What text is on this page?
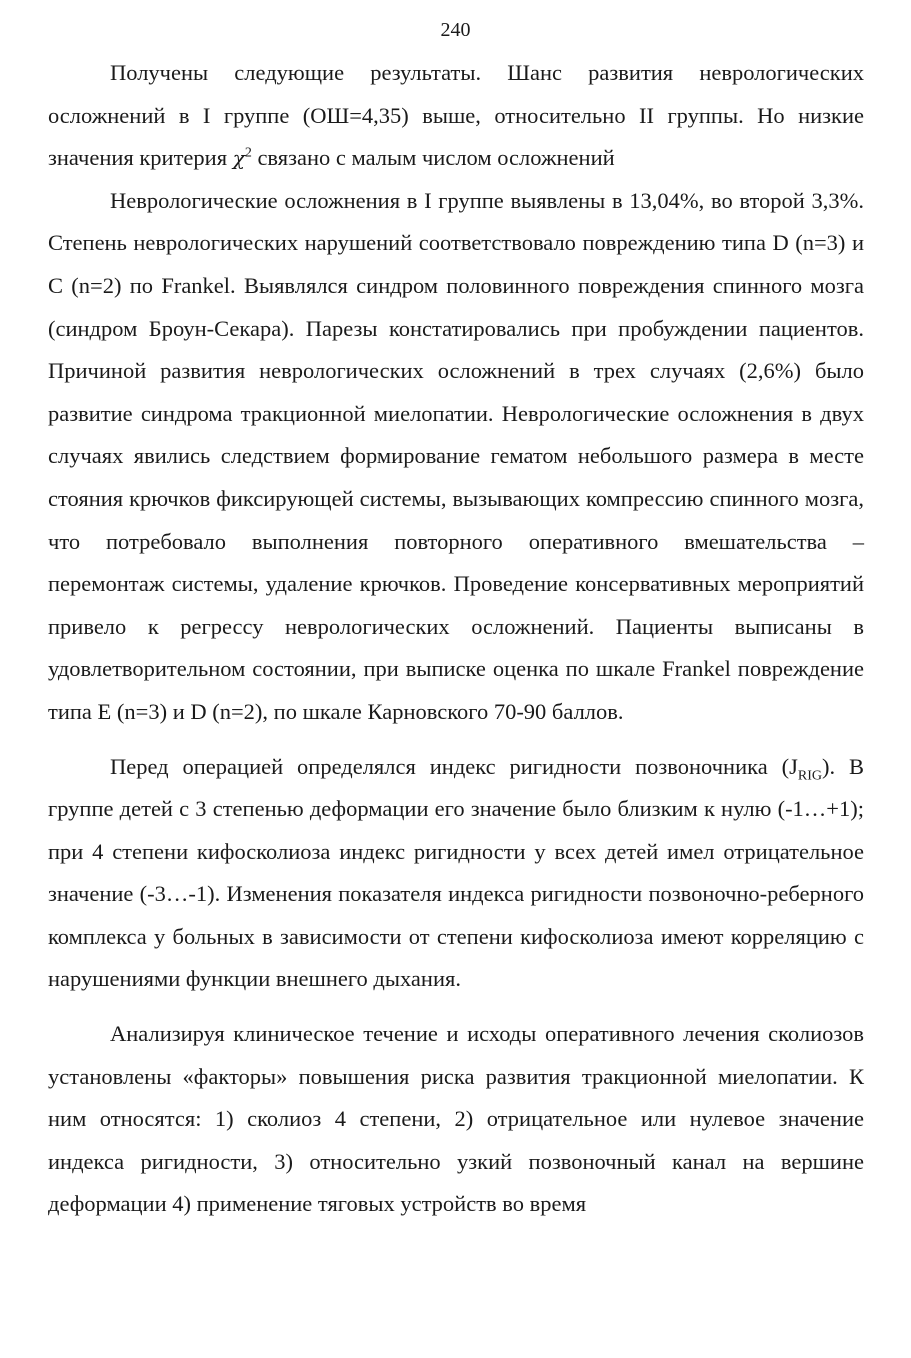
240

Получены следующие результаты. Шанс развития неврологических осложнений в I группе (ОШ=4,35) выше, относительно II группы. Но низкие значения критерия $\chi^2$ связано с малым числом осложнений

Неврологические осложнения в I группе выявлены в 13,04%, во второй 3,3%. Степень неврологических нарушений соответствовало повреждению типа D (n=3) и С (n=2) по Frankel. Выявлялся синдром половинного повреждения спинного мозга (синдром Броун-Секара). Парезы констатировались при пробуждении пациентов. Причиной развития неврологических осложнений в трех случаях (2,6%) было развитие синдрома тракционной миелопатии. Неврологические осложнения в двух случаях явились следствием формирование гематом небольшого размера в месте стояния крючков фиксирующей системы, вызывающих компрессию спинного мозга, что потребовало выполнения повторного оперативного вмешательства – перемонтаж системы, удаление крючков. Проведение консервативных мероприятий привело к регрессу неврологических осложнений. Пациенты выписаны в удовлетворительном состоянии, при выписке оценка по шкале Frankel повреждение типа Е (n=3) и D (n=2), по шкале Карновского 70-90 баллов.

Перед операцией определялся индекс ригидности позвоночника $(J_{RIG})$. В группе детей с 3 степенью деформации его значение было близким к нулю (-1…+1); при 4 степени кифосколиоза индекс ригидности у всех детей имел отрицательное значение (-3…-1). Изменения показателя индекса ригидности позвоночно-реберного комплекса у больных в зависимости от степени кифосколиоза имеют корреляцию с нарушениями функции внешнего дыхания.

Анализируя клиническое течение и исходы оперативного лечения сколиозов установлены «факторы» повышения риска развития тракционной миелопатии. К ним относятся: 1) сколиоз 4 степени, 2) отрицательное или нулевое значение индекса ригидности, 3) относительно узкий позвоночный канал на вершине деформации 4) применение тяговых устройств во время
